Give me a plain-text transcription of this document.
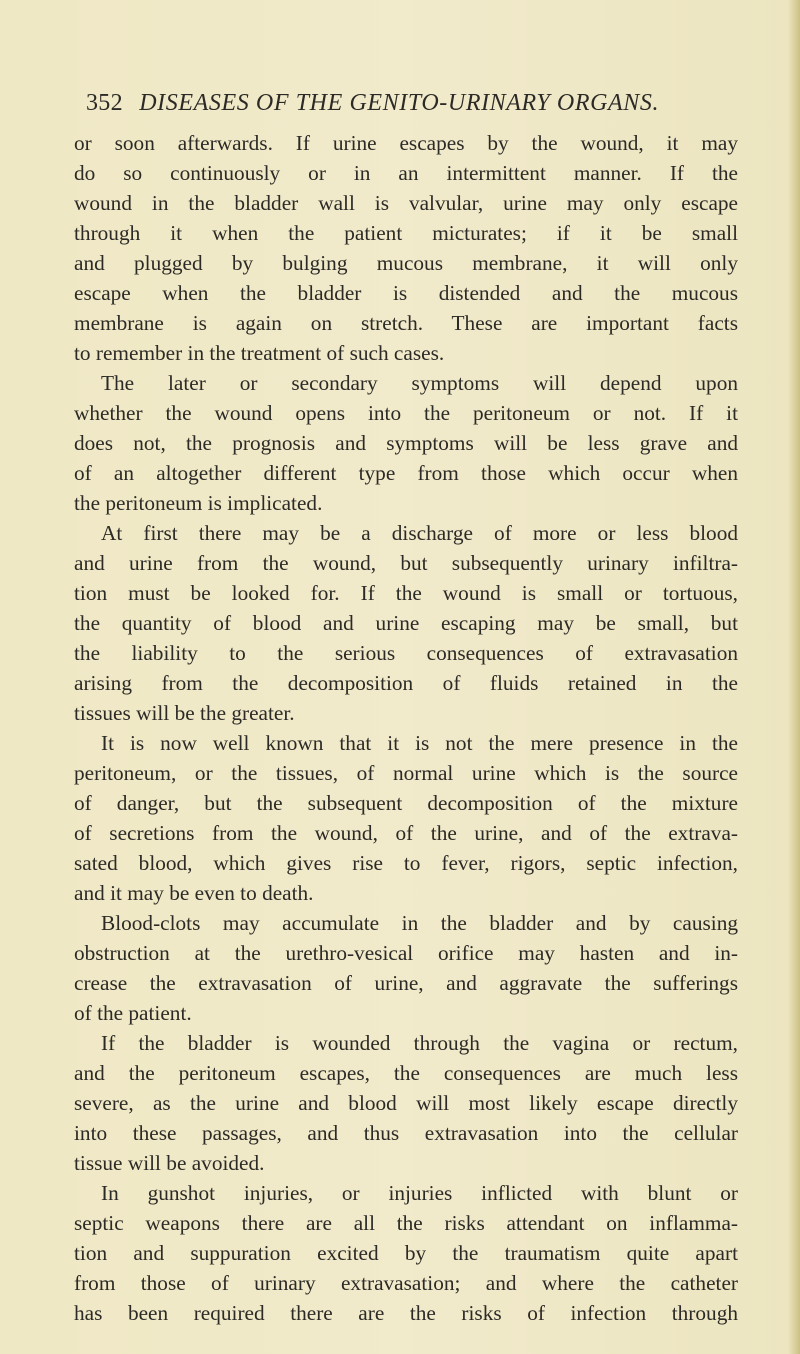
352 DISEASES OF THE GENITO-URINARY ORGANS.
or soon afterwards. If urine escapes by the wound, it may
do so continuously or in an intermittent manner. If the
wound in the bladder wall is valvular, urine may only escape
through it when the patient micturates; if it be small
and plugged by bulging mucous membrane, it will only
escape when the bladder is distended and the mucous
membrane is again on stretch. These are important facts
to remember in the treatment of such cases.
The later or secondary symptoms will depend upon
whether the wound opens into the peritoneum or not. If it
does not, the prognosis and symptoms will be less grave and
of an altogether different type from those which occur when
the peritoneum is implicated.
At first there may be a discharge of more or less blood
and urine from the wound, but subsequently urinary infiltra-
tion must be looked for. If the wound is small or tortuous,
the quantity of blood and urine escaping may be small, but
the liability to the serious consequences of extravasation
arising from the decomposition of fluids retained in the
tissues will be the greater.
It is now well known that it is not the mere presence in the
peritoneum, or the tissues, of normal urine which is the source
of danger, but the subsequent decomposition of the mixture
of secretions from the wound, of the urine, and of the extrava-
sated blood, which gives rise to fever, rigors, septic infection,
and it may be even to death.
Blood-clots may accumulate in the bladder and by causing
obstruction at the urethro-vesical orifice may hasten and in-
crease the extravasation of urine, and aggravate the sufferings
of the patient.
If the bladder is wounded through the vagina or rectum,
and the peritoneum escapes, the consequences are much less
severe, as the urine and blood will most likely escape directly
into these passages, and thus extravasation into the cellular
tissue will be avoided.
In gunshot injuries, or injuries inflicted with blunt or
septic weapons there are all the risks attendant on inflamma-
tion and suppuration excited by the traumatism quite apart
from those of urinary extravasation; and where the catheter
has been required there are the risks of infection through
